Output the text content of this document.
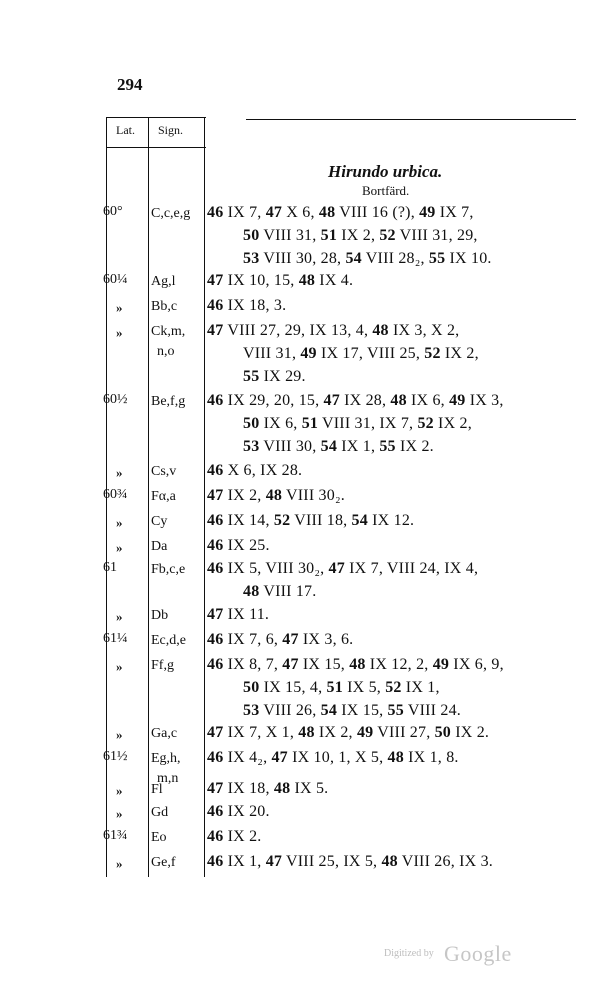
294
Lat. Sign.
Hirundo urbica.
Bortfärd.
60° C,c,e,g 46 IX 7, 47 X 6, 48 VIII 16 (?), 49 IX 7,
50 VIII 31, 51 IX 2, 52 VIII 31, 29,
53 VIII 30, 28, 54 VIII 28₂, 55 IX 10.
60¼ Ag,l 47 IX 10, 15, 48 IX 4.
» Bb,c 46 IX 18, 3.
» Ck,m,
n,o
47 VIII 27, 29, IX 13, 4, 48 IX 3, X 2,
VIII 31, 49 IX 17, VIII 25, 52 IX 2,
55 IX 29.
60½ Be,f,g 46 IX 29, 20, 15, 47 IX 28, 48 IX 6, 49 IX 3,
50 IX 6, 51 VIII 31, IX 7, 52 IX 2,
53 VIII 30, 54 IX 1, 55 IX 2.
» Cs,v 46 X 6, IX 28.
60¾ Fα,a 47 IX 2, 48 VIII 30₂.
» Cy 46 IX 14, 52 VIII 18, 54 IX 12.
» Da 46 IX 25.
61 Fb,c,e 46 IX 5, VIII 30₂, 47 IX 7, VIII 24, IX 4,
48 VIII 17.
» Db 47 IX 11.
61¼ Ec,d,e 46 IX 7, 6, 47 IX 3, 6.
» Ff,g 46 IX 8, 7, 47 IX 15, 48 IX 12, 2, 49 IX 6, 9,
50 IX 15, 4, 51 IX 5, 52 IX 1,
53 VIII 26, 54 IX 15, 55 VIII 24.
» Ga,c 47 IX 7, X 1, 48 IX 2, 49 VIII 27, 50 IX 2.
61½ Eg,h,
m,n
46 IX 4₂, 47 IX 10, 1, X 5, 48 IX 1, 8.
» Fl	47 IX 18, 48 IX 5.
» Gd 46 IX 20.
61¾ Eo	46 IX 2.
» Ge,f 46 IX 1, 47 VIII 25, IX 5, 48 VIII 26, IX 3.
Digitized by Google
